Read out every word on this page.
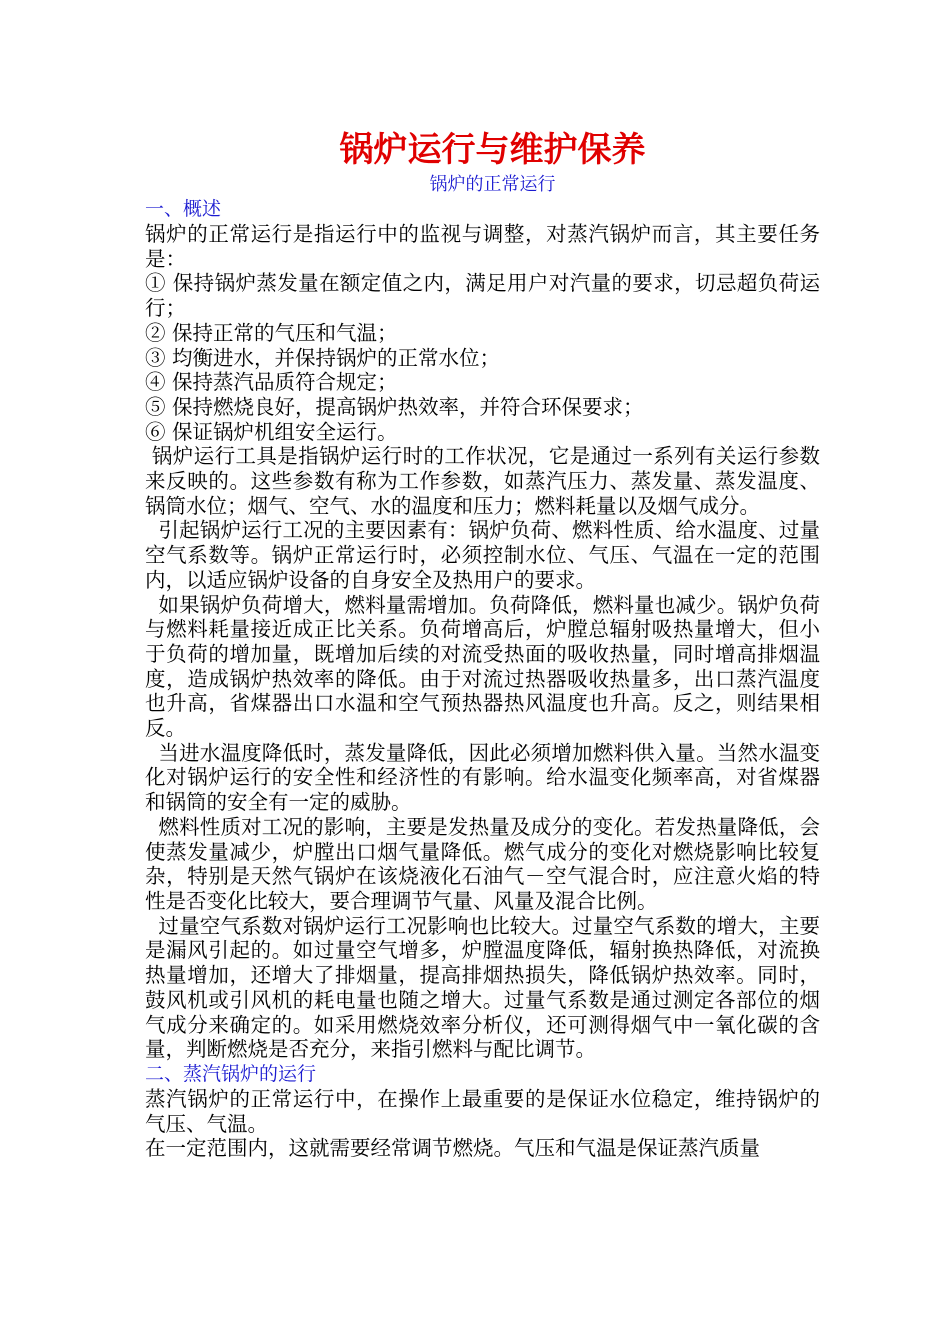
锅炉运行与维护保养
锅炉的正常运行
一、概述

锅炉的正常运行是指运行中的监视与调整，对蒸汽锅炉而言，其主要任务是：

① 保持锅炉蒸发量在额定值之内，满足用户对汽量的要求，切忌超负荷运行；

② 保持正常的气压和气温；

③ 均衡进水，并保持锅炉的正常水位；

④ 保持蒸汽品质符合规定；

⑤ 保持燃烧良好，提高锅炉热效率，并符合环保要求；

⑥ 保证锅炉机组安全运行。

锅炉运行工具是指锅炉运行时的工作状况，它是通过一系列有关运行参数来反映的。这些参数有称为工作参数，如蒸汽压力、蒸发量、蒸发温度、锅筒水位；烟气、空气、水的温度和压力；燃料耗量以及烟气成分。

引起锅炉运行工况的主要因素有：锅炉负荷、燃料性质、给水温度、过量空气系数等。锅炉正常运行时，必须控制水位、气压、气温在一定的范围内，以适应锅炉设备的自身安全及热用户的要求。

如果锅炉负荷增大，燃料量需增加。负荷降低，燃料量也减少。锅炉负荷与燃料耗量接近成正比关系。负荷增高后，炉膛总辐射吸热量增大，但小于负荷的增加量，既增加后续的对流受热面的吸收热量，同时增高排烟温度，造成锅炉热效率的降低。由于对流过热器吸收热量多，出口蒸汽温度也升高，省煤器出口水温和空气预热器热风温度也升高。反之，则结果相反。

当进水温度降低时，蒸发量降低，因此必须增加燃料供入量。当然水温变化对锅炉运行的安全性和经济性的有影响。给水温变化频率高，对省煤器和锅筒的安全有一定的威胁。

燃料性质对工况的影响，主要是发热量及成分的变化。若发热量降低，会使蒸发量减少，炉膛出口烟气量降低。燃气成分的变化对燃烧影响比较复杂，特别是天然气锅炉在该烧液化石油气－空气混合时，应注意火焰的特性是否变化比较大，要合理调节气量、风量及混合比例。

过量空气系数对锅炉运行工况影响也比较大。过量空气系数的增大，主要是漏风引起的。如过量空气增多，炉膛温度降低，辐射换热降低，对流换热量增加，还增大了排烟量，提高排烟热损失，降低锅炉热效率。同时，鼓风机或引风机的耗电量也随之增大。过量气系数是通过测定各部位的烟气成分来确定的。如采用燃烧效率分析仪，还可测得烟气中一氧化碳的含量，判断燃烧是否充分，来指引燃料与配比调节。

二、蒸汽锅炉的运行

蒸汽锅炉的正常运行中，在操作上最重要的是保证水位稳定，维持锅炉的气压、气温。

在一定范围内，这就需要经常调节燃烧。气压和气温是保证蒸汽质量
